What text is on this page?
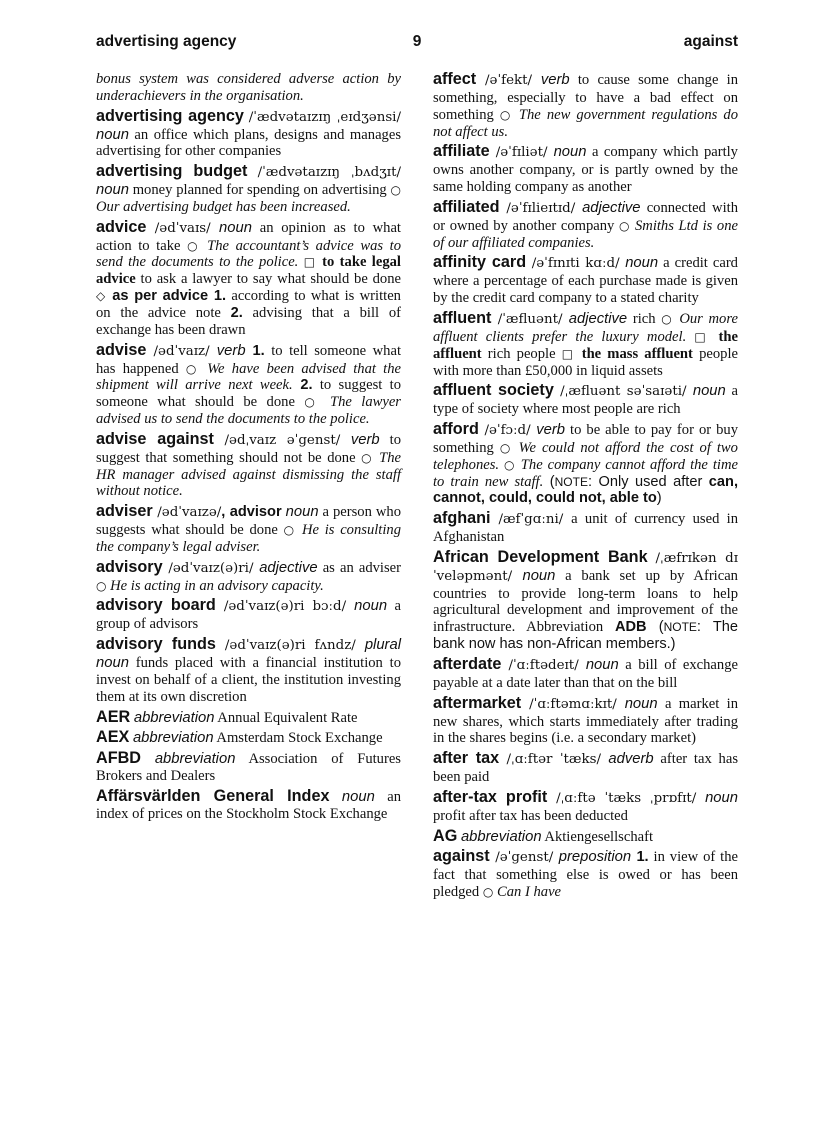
advertising agency	9	against

bonus system was considered adverse action by underachievers in the organisation.

advertising agency /ˈædvətaɪzɪŋ ˌeɪdʒənsi/ noun an office which plans, designs and manages advertising for other companies

advertising budget /ˈædvətaɪzɪŋ ˌbʌdʒɪt/ noun money planned for spending on advertising ○ Our advertising budget has been increased.

advice /ədˈvaɪs/ noun an opinion as to what action to take ○ The accountant’s advice was to send the documents to the police. □ to take legal advice to ask a lawyer to say what should be done ◇ as per advice 1. according to what is written on the advice note 2. advising that a bill of exchange has been drawn

advise /ədˈvaɪz/ verb 1. to tell someone what has happened ○ We have been advised that the shipment will arrive next week. 2. to suggest to someone what should be done ○ The lawyer advised us to send the documents to the police.

advise against /ədˌvaɪz əˈgenst/ verb to suggest that something should not be done ○ The HR manager advised against dismissing the staff without notice.

adviser /ədˈvaɪzə/, advisor noun a person who suggests what should be done ○ He is consulting the company’s legal adviser.

advisory /ədˈvaɪz(ə)ri/ adjective as an adviser ○ He is acting in an advisory capacity.

advisory board /ədˈvaɪz(ə)ri bɔːd/ noun a group of advisors

advisory funds /ədˈvaɪz(ə)ri fʌndz/ plural noun funds placed with a financial institution to invest on behalf of a client, the institution investing them at its own discretion

AER abbreviation Annual Equivalent Rate

AEX abbreviation Amsterdam Stock Exchange

AFBD abbreviation Association of Futures Brokers and Dealers

Affärsvärlden General Index noun an index of prices on the Stockholm Stock Exchange

affect /əˈfekt/ verb to cause some change in something, especially to have a bad effect on something ○ The new government regulations do not affect us.

affiliate /əˈfɪliət/ noun a company which partly owns another company, or is partly owned by the same holding company as another

affiliated /əˈfɪlieɪtɪd/ adjective connected with or owned by another company ○ Smiths Ltd is one of our affiliated companies.

affinity card /əˈfɪnɪti kɑːd/ noun a credit card where a percentage of each purchase made is given by the credit card company to a stated charity

affluent /ˈæfluənt/ adjective rich ○ Our more affluent clients prefer the luxury model. □ the affluent rich people □ the mass affluent people with more than £50,000 in liquid assets

affluent society /ˌæfluənt səˈsaɪəti/ noun a type of society where most people are rich

afford /əˈfɔːd/ verb to be able to pay for or buy something ○ We could not afford the cost of two telephones. ○ The company cannot afford the time to train new staff. (NOTE: Only used after can, cannot, could, could not, able to)

afghani /æfˈgɑːni/ a unit of currency used in Afghanistan

African Development Bank /ˌæfrɪkən dɪˈveləpmənt/ noun a bank set up by African countries to provide long-term loans to help agricultural development and improvement of the infrastructure. Abbreviation ADB (NOTE: The bank now has non-African members.)

afterdate /ˈɑːftədeɪt/ noun a bill of exchange payable at a date later than that on the bill

aftermarket /ˈɑːftəmɑːkɪt/ noun a market in new shares, which starts immediately after trading in the shares begins (i.e. a secondary market)

after tax /ˌɑːftər ˈtæks/ adverb after tax has been paid

after-tax profit /ˌɑːftə ˈtæks ˌprɒfɪt/ noun profit after tax has been deducted

AG abbreviation Aktiengesellschaft

against /əˈgenst/ preposition 1. in view of the fact that something else is owed or has been pledged ○ Can I have
